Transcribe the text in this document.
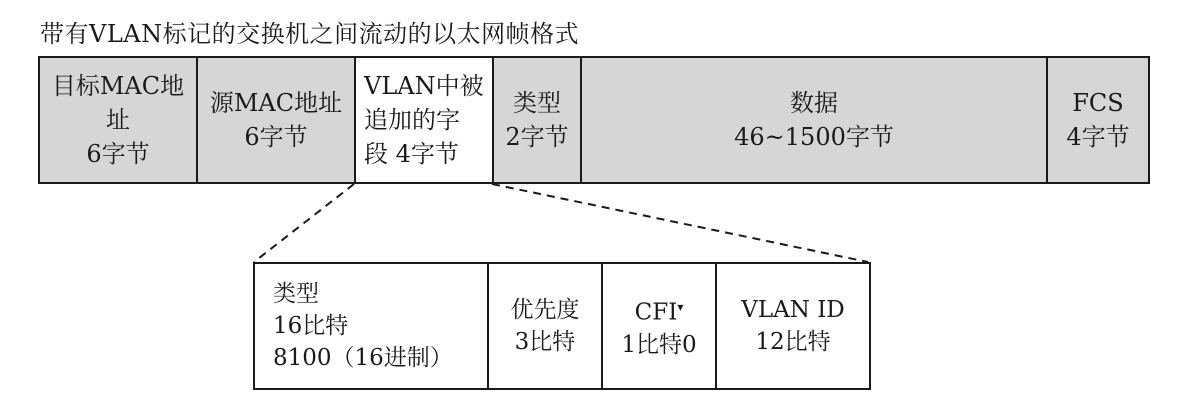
带有VLAN标记的交换机之间流动的以太网帧格式
目标MAC地址
6字节
源MAC地址
6字节
VLAN中被
追加的字
段 4字节
类型
2字节
数据
46~1500字节
FCS
4字节
类型
16比特
8100（16进制）
优先度
3比特
CFI▾
1比特0
VLAN ID
12比特
